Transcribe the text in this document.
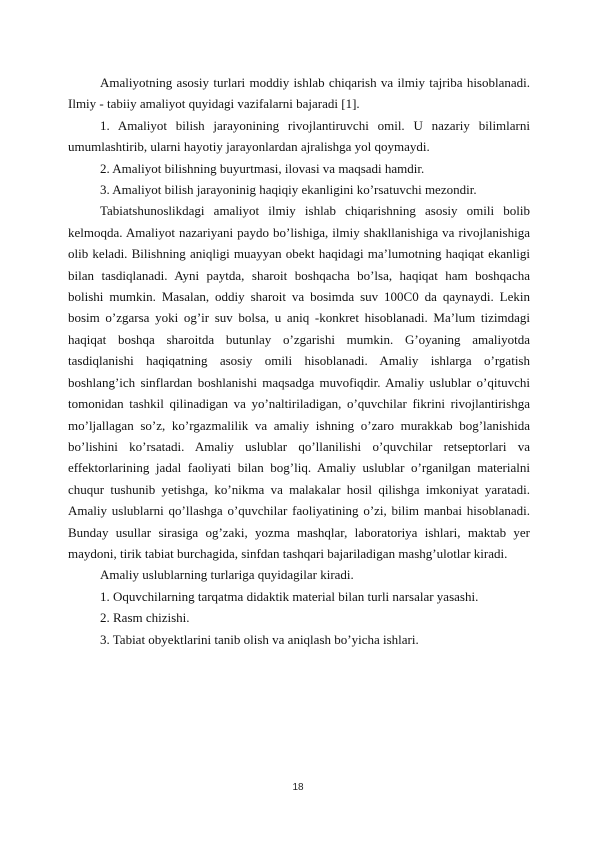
Amaliyotning asosiy turlari moddiy ishlab chiqarish va ilmiy tajriba hisoblanadi. Ilmiy - tabiiy amaliyot quyidagi vazifalarni bajaradi [1].

1. Amaliyot bilish jarayonining rivojlantiruvchi omil. U nazariy bilimlarni umumlashtirib, ularni hayotiy jarayonlardan ajralishga yol qoymaydi.

2. Amaliyot bilishning buyurtmasi, ilovasi va maqsadi hamdir.

3. Amaliyot bilish jarayoninig haqiqiy ekanligini ko’rsatuvchi mezondir.

Tabiatshunoslikdagi amaliyot ilmiy ishlab chiqarishning asosiy omili bolib kelmoqda. Amaliyot nazariyani paydo bo’lishiga, ilmiy shakllanishiga va rivojlanishiga olib keladi. Bilishning aniqligi muayyan obekt haqidagi ma’lumotning haqiqat ekanligi bilan tasdiqlanadi. Ayni paytda, sharoit boshqacha bo’lsa, haqiqat ham boshqacha bolishi mumkin. Masalan, oddiy sharoit va bosimda suv 100C0 da qaynaydi. Lekin bosim o’zgarsa yoki og’ir suv bolsa, u aniq -konkret hisoblanadi. Ma’lum tizimdagi haqiqat boshqa sharoitda butunlay o’zgarishi mumkin. G’oyaning amaliyotda tasdiqlanishi haqiqatning asosiy omili hisoblanadi. Amaliy ishlarga o’rgatish boshlang’ich sinflardan boshlanishi maqsadga muvofiqdir. Amaliy uslublar o’qituvchi tomonidan tashkil qilinadigan va yo’naltiriladigan, o’quvchilar fikrini rivojlantirishga mo’ljallagan so’z, ko’rgazmalilik va amaliy ishning o’zaro murakkab bog’lanishida bo’lishini ko’rsatadi. Amaliy uslublar qo’llanilishi o’quvchilar retseptorlari va effektorlarining jadal faoliyati bilan bog’liq. Amaliy uslublar o’rganilgan materialni chuqur tushunib yetishga, ko’nikma va malakalar hosil qilishga imkoniyat yaratadi. Amaliy uslublarni qo’llashga o’quvchilar faoliyatining o’zi, bilim manbai hisoblanadi. Bunday usullar sirasiga og’zaki, yozma mashqlar, laboratoriya ishlari, maktab yer maydoni, tirik tabiat burchagida, sinfdan tashqari bajariladigan mashg’ulotlar kiradi.

Amaliy uslublarning turlariga quyidagilar kiradi.

1. Oquvchilarning tarqatma didaktik material bilan turli narsalar yasashi.

2. Rasm chizishi.

3. Tabiat obyektlarini tanib olish va aniqlash bo’yicha ishlari.

18
